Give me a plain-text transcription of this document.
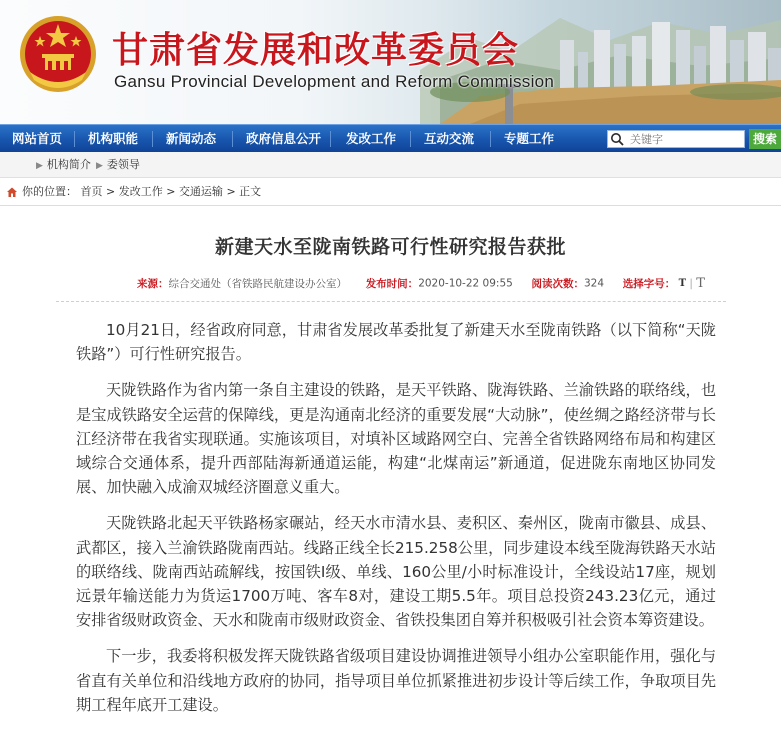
甘肃省发展和改革委员会
Gansu Provincial Development and Reform Commission
网站首页 机构职能 新闻动态 政府信息公开 发改工作 互动交流 专题工作
关键字	搜索
▶ 机构简介 ▶ 委领导
你的位置： 首页 > 发改工作 > 交通运输 > 正文
新建天水至陇南铁路可行性研究报告获批
来源：综合交通处（省铁路民航建设办公室） 发布时间：2020-10-22 09:55 阅读次数：324 选择字号： T | T

10月21日，经省政府同意，甘肃省发展改革委批复了新建天水至陇南铁路（以下简称“天陇铁路”）可行性研究报告。

天陇铁路作为省内第一条自主建设的铁路，是天平铁路、陇海铁路、兰渝铁路的联络线，也是宝成铁路安全运营的保障线，更是沟通南北经济的重要发展“大动脉”，使丝绸之路经济带与长江经济带在我省实现联通。实施该项目，对填补区域路网空白、完善全省铁路网络布局和构建区域综合交通体系，提升西部陆海新通道运能，构建“北煤南运”新通道，促进陇东南地区协同发展、加快融入成渝双城经济圈意义重大。

天陇铁路北起天平铁路杨家碾站，经天水市清水县、麦积区、秦州区，陇南市徽县、成县、武都区，接入兰渝铁路陇南西站。线路正线全长215.258公里，同步建设本线至陇海铁路天水站的联络线、陇南西站疏解线，按国铁Ⅰ级、单线、160公里/小时标准设计，全线设站17座，规划远景年输送能力为货运1700万吨、客车8对，建设工期5.5年。项目总投资243.23亿元，通过安排省级财政资金、天水和陇南市级财政资金、省铁投集团自筹并积极吸引社会资本筹资建设。

下一步，我委将积极发挥天陇铁路省级项目建设协调推进领导小组办公室职能作用，强化与省直有关单位和沿线地方政府的协同，指导项目单位抓紧推进初步设计等后续工作，争取项目先期工程年底开工建设。
